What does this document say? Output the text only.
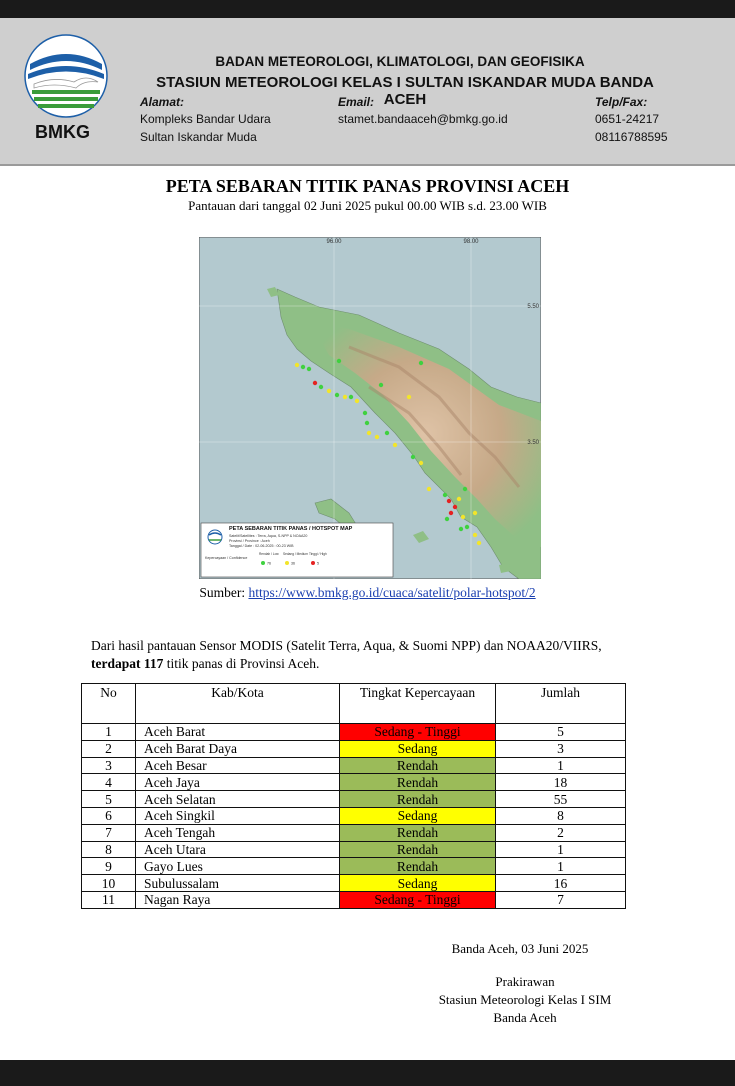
BMKG
BADAN METEOROLOGI, KLIMATOLOGI, DAN GEOFISIKA
STASIUN METEOROLOGI KELAS I SULTAN ISKANDAR MUDA BANDA ACEH
Alamat:
Kompleks Bandar Udara
Sultan Iskandar Muda
Email:
stamet.bandaaceh@bmkg.go.id
Telp/Fax:
0651-24217
08116788595
PETA SEBARAN TITIK PANAS PROVINSI ACEH
Pantauan dari tanggal 02 Juni 2025 pukul 00.00 WIB s.d. 23.00 WIB
96.00	98.00
5.50
3.50
PETA SEBARAN TITIK PANAS / HOTSPOT MAP
Satelit/Satellites : Terra, Aqua, S-NPP & NOAA20
Provinsi / Province : Aceh
Tanggal / Date : 02-06-2025 : 00-23 WIB
Kepercayaan / Confidence
Rendah / Low Sedang / Medium Tinggi / High
76	36	5
Sumber: https://www.bmkg.go.id/cuaca/satelit/polar-hotspot/2
Dari hasil pantauan Sensor MODIS (Satelit Terra, Aqua, & Suomi NPP) dan NOAA20/VIIRS, terdapat 117 titik panas di Provinsi Aceh.
No	Kab/Kota	Tingkat Kepercayaan	Jumlah
1	Aceh Barat	Sedang - Tinggi	5
2	Aceh Barat Daya	Sedang	3
3	Aceh Besar	Rendah	1
4	Aceh Jaya	Rendah	18
5	Aceh Selatan	Rendah	55
6	Aceh Singkil	Sedang	8
7	Aceh Tengah	Rendah	2
8	Aceh Utara	Rendah	1
9	Gayo Lues	Rendah	1
10	Subulussalam	Sedang	16
11	Nagan Raya	Sedang - Tinggi	7
Banda Aceh, 03 Juni 2025
Prakirawan
Stasiun Meteorologi Kelas I SIM
Banda Aceh
